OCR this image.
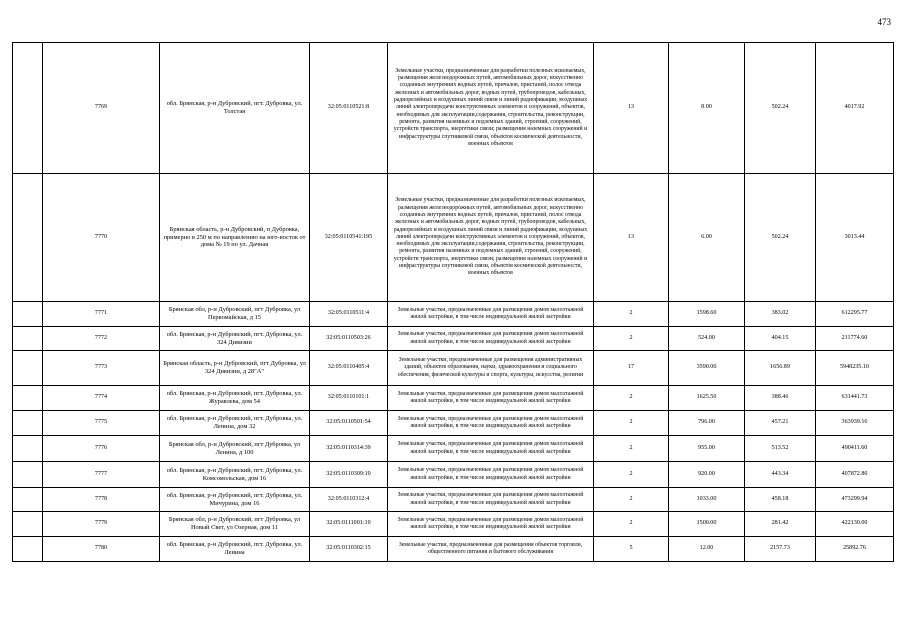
473
	7769	обл. Брянская, р-н Дубровский, пгт. Дубровка, ул. Толстая	32:05:0110521:8	Земельные участки, предназначенные для разработки полезных ископаемых, размещения железнодорожных путей, автомобильных дорог, искусственно созданных внутренних водных путей, причалов, пристаней, полос отвода железных и автомобильных дорог, водных путей, трубопроводов, кабельных, радиорелейных и воздушных линий связи и линий радиофикации, воздушных линий электропередачи конструктивных элементов и сооружений, объектов, необходимых для эксплуатации,содержания, строительства, реконструкции, ремонта, развития наземных и подземных зданий, строений, сооружений, устройств транспорта, энергетики связи; размещения наземных сооружений и инфраструктуры спутниковой связи, объектов космической деятельности, военных объектов	13	8.00	502.24	4017.92
	7770	Брянская область, р-н Дубровский, п Дубровка, примерно в 250 м по направлению на юго-восток от дома № 19 по ул. Дачная	32:05:0110541:195	Земельные участки, предназначенные для разработки полезных ископаемых, размещения железнодорожных путей, автомобильных дорог, искусственно созданных внутренних водных путей, причалов, пристаней, полос отвода железных и автомобильных дорог, водных путей, трубопроводов, кабельных, радиорелейных и воздушных линий связи и линий радиофикации, воздушных линий электропередачи конструктивных элементов и сооружений, объектов, необходимых для эксплуатации,содержания, строительства, реконструкции, ремонта, развития наземных и подземных зданий, строений, сооружений, устройств транспорта, энергетики связи; размещения наземных сооружений и инфраструктуры спутниковой связи, объектов космической деятельности, военных объектов	13	6.00	502.24	3013.44
	7771	Брянская обл, р-н Дубровский, пгт Дубровка, ул Первомайская, д 15	32:05:0110511:4	Земельные участки, предназначенные для размещения домов малоэтажной жилой застройки, в том числе индивидуальной жилой застройки	2	1598.60	383.02	612295.77
	7772	обл. Брянская, р-н Дубровский, пгт. Дубровка, ул. 324 Дивизии	32:05:0110503:26	Земельные участки, предназначенные для размещения домов малоэтажной жилой застройки, в том числе индивидуальной жилой застройки	2	524.00	404.15	211774.60
	7773	Брянская область, р-н Дубровский, пгт Дубровка, ул 324 Дивизии, д 28"А"	32:05:0110405:4	Земельные участки, предназначенные для размещения административных зданий, объектов образования, науки, здравоохранения и социального обеспечения, физической культуры и спорта, культуры, искусства, религии	17	3590.00	1656.89	5948235.10
	7774	обл. Брянская, р-н Дубровский, пгт. Дубровка, ул. Журавлева, дом 54	32:05:0110101:1	Земельные участки, предназначенные для размещения домов малоэтажной жилой застройки, в том числе индивидуальной жилой застройки	2	1625.50	388.46	631441.73
	7775	обл. Брянская, р-н Дубровский, пгт. Дубровка, ул. Ленина, дом 32	32:05:0110501:54	Земельные участки, предназначенные для размещения домов малоэтажной жилой застройки, в том числе индивидуальной жилой застройки	2	796.00	457.21	363939.16
	7776	Брянская обл, р-н Дубровский, пгт Дубровка, ул Ленина, д 100	32:05:0110314:39	Земельные участки, предназначенные для размещения домов малоэтажной жилой застройки, в том числе индивидуальной жилой застройки	2	955.00	513.52	490411.60
	7777	обл. Брянская, р-н Дубровский, пгт. Дубровка, ул. Комсомольская, дом 16	32:05:0110309:10	Земельные участки, предназначенные для размещения домов малоэтажной жилой застройки, в том числе индивидуальной жилой застройки	2	920.00	443.34	407872.80
	7778	обл. Брянская, р-н Дубровский, пгт. Дубровка, ул. Мичурина, дом 16	32:05:0110312:4	Земельные участки, предназначенные для размещения домов малоэтажной жилой застройки, в том числе индивидуальной жилой застройки	2	1033.00	458.18	473299.94
	7779	Брянская обл, р-н Дубровский, пгт Дубровка, ул Новый Свет, ул Озерная, дом 11	32:05:0111001:10	Земельные участки, предназначенные для размещения домов малоэтажной жилой застройки, в том числе индивидуальной жилой застройки	2	1500.00	281.42	422130.00
	7780	обл. Брянская, р-н Дубровский, пгт. Дубровка, ул. Ленина	32:05:0110302:15	Земельные участки, предназначенные для размещения объектов торговли, общественного питания и бытового обслуживания	5	12.00	2157.73	25892.76
